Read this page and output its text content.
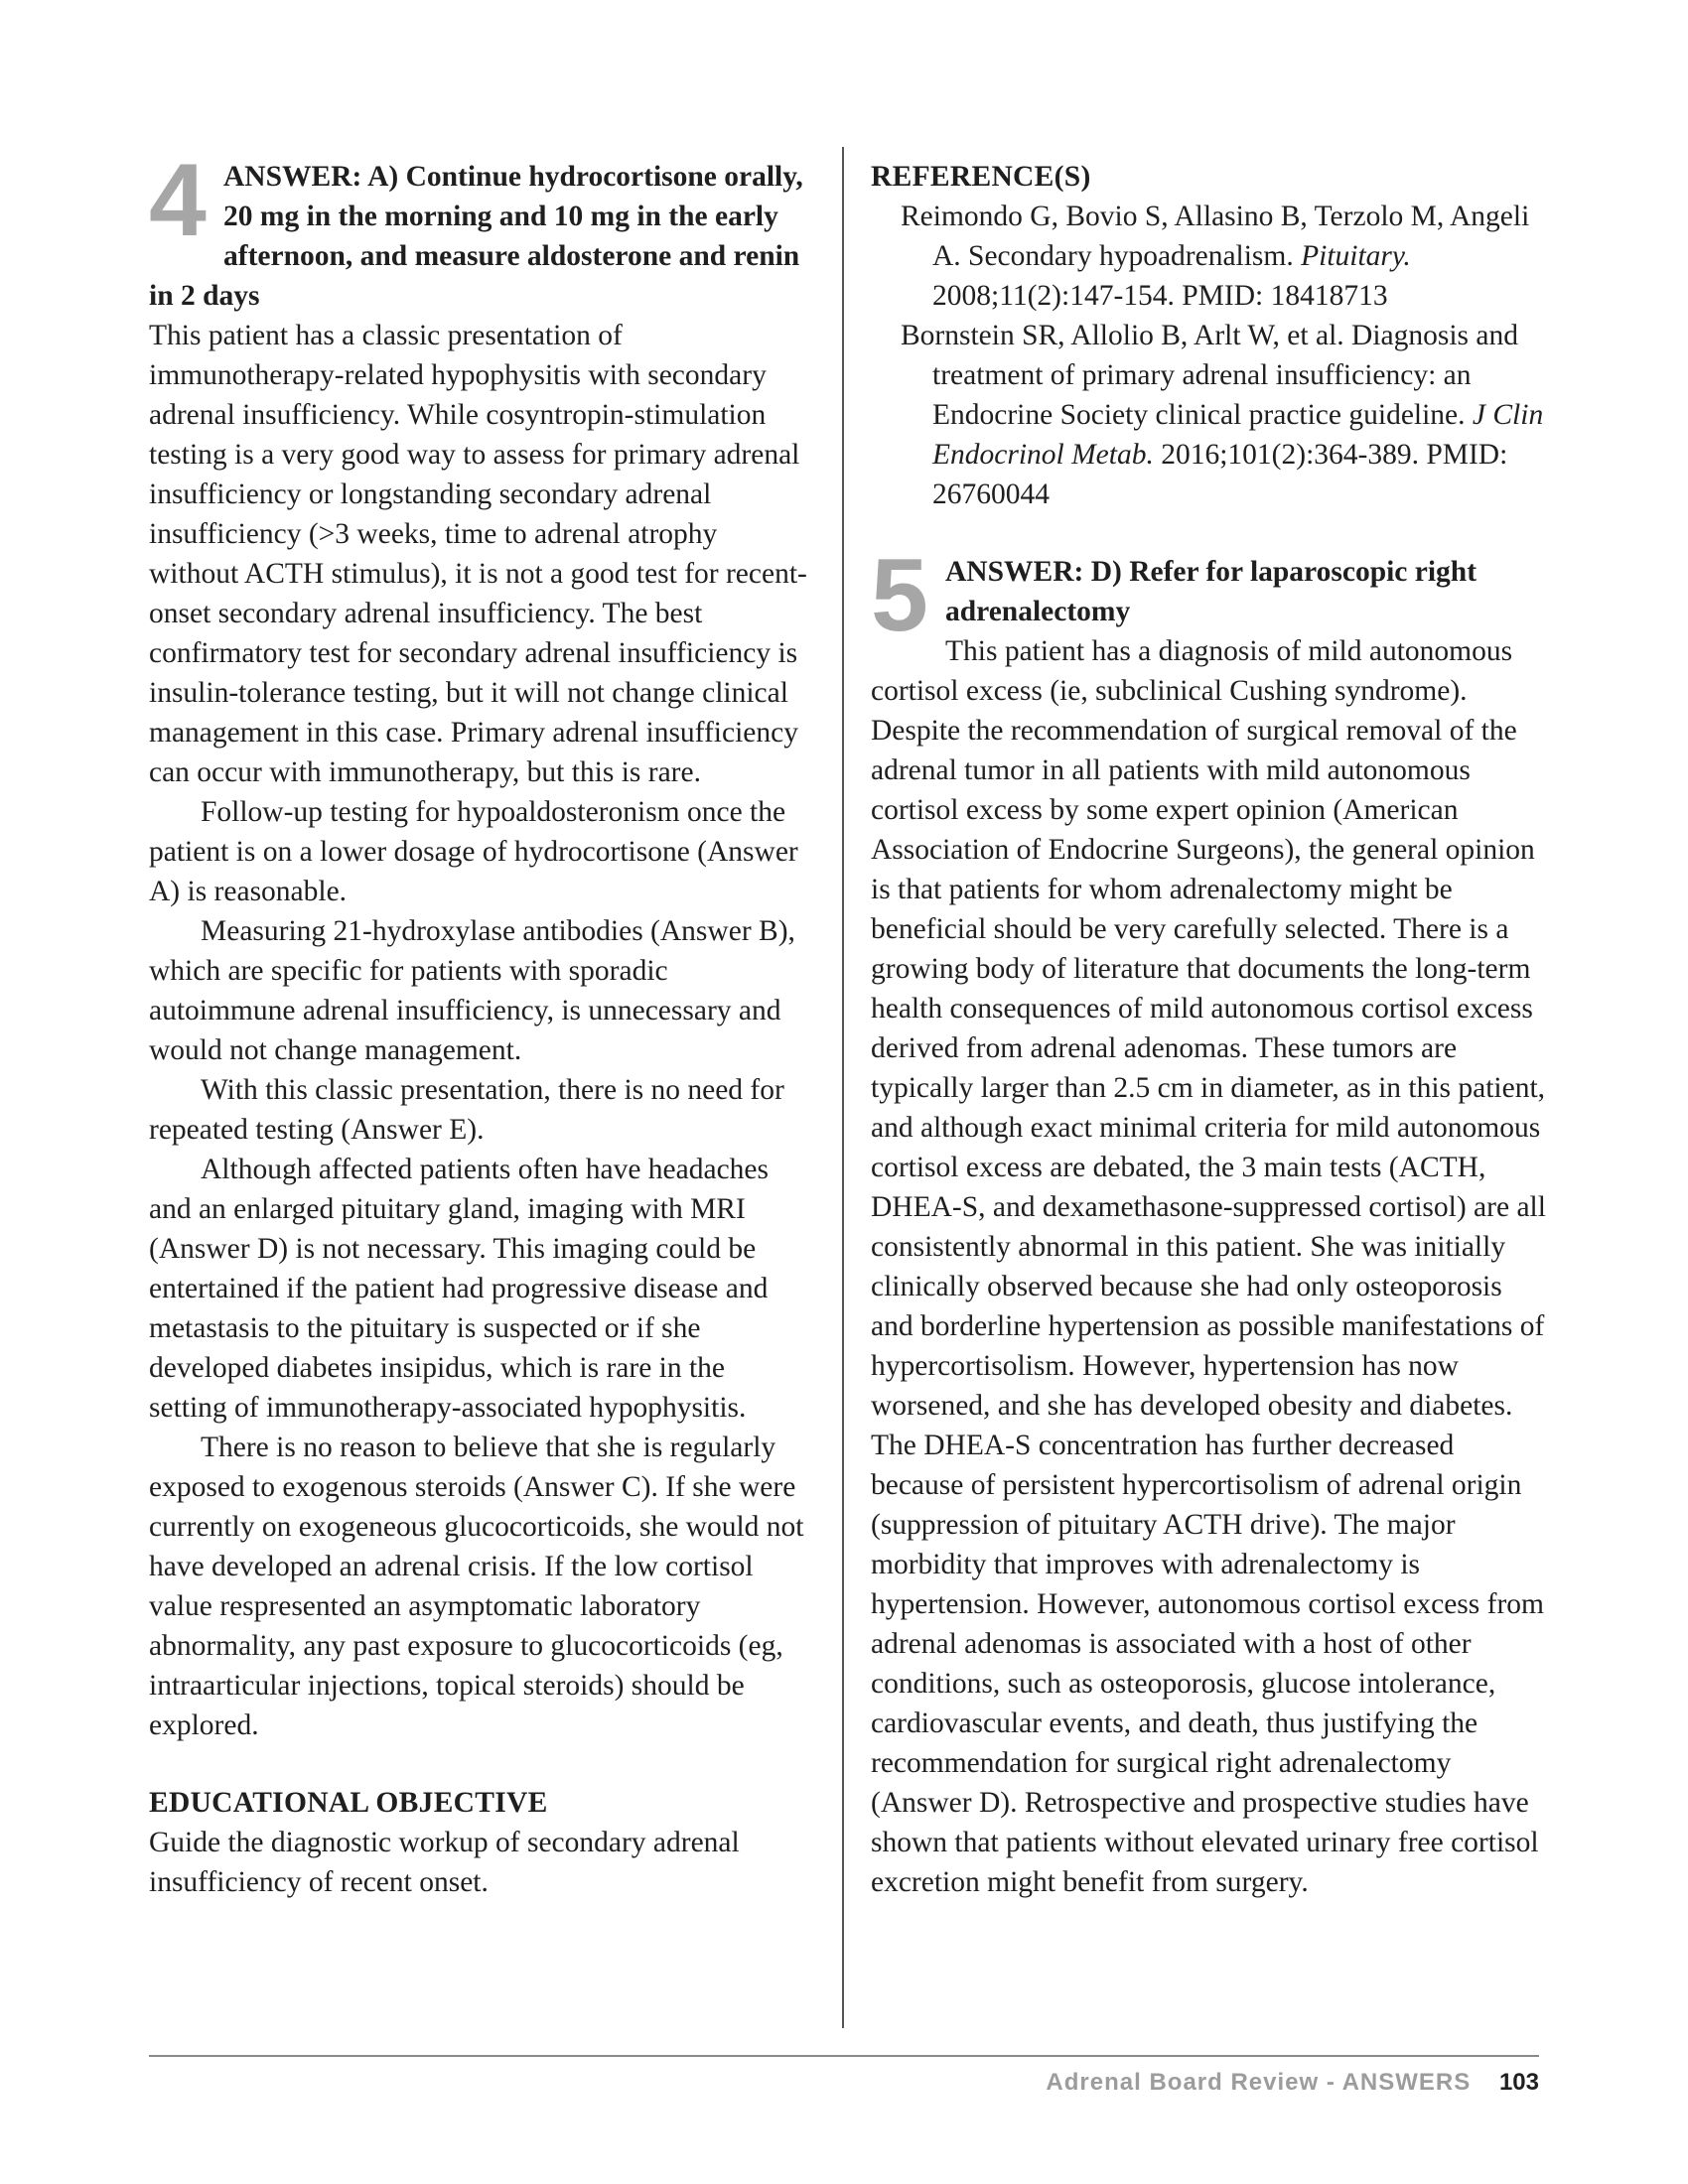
4 ANSWER: A) Continue hydrocortisone orally, 20 mg in the morning and 10 mg in the early afternoon, and measure aldosterone and renin in 2 days

This patient has a classic presentation of immunotherapy-related hypophysitis with secondary adrenal insufficiency. While cosyntropin-stimulation testing is a very good way to assess for primary adrenal insufficiency or longstanding secondary adrenal insufficiency (>3 weeks, time to adrenal atrophy without ACTH stimulus), it is not a good test for recent-onset secondary adrenal insufficiency. The best confirmatory test for secondary adrenal insufficiency is insulin-tolerance testing, but it will not change clinical management in this case. Primary adrenal insufficiency can occur with immunotherapy, but this is rare.

Follow-up testing for hypoaldosteronism once the patient is on a lower dosage of hydrocortisone (Answer A) is reasonable.

Measuring 21-hydroxylase antibodies (Answer B), which are specific for patients with sporadic autoimmune adrenal insufficiency, is unnecessary and would not change management.

With this classic presentation, there is no need for repeated testing (Answer E).

Although affected patients often have headaches and an enlarged pituitary gland, imaging with MRI (Answer D) is not necessary. This imaging could be entertained if the patient had progressive disease and metastasis to the pituitary is suspected or if she developed diabetes insipidus, which is rare in the setting of immunotherapy-associated hypophysitis.

There is no reason to believe that she is regularly exposed to exogenous steroids (Answer C). If she were currently on exogeneous glucocorticoids, she would not have developed an adrenal crisis. If the low cortisol value respresented an asymptomatic laboratory abnormality, any past exposure to glucocorticoids (eg, intraarticular injections, topical steroids) should be explored.

EDUCATIONAL OBJECTIVE

Guide the diagnostic workup of secondary adrenal insufficiency of recent onset.

REFERENCE(S)

Reimondo G, Bovio S, Allasino B, Terzolo M, Angeli A. Secondary hypoadrenalism. Pituitary. 2008;11(2):147-154. PMID: 18418713

Bornstein SR, Allolio B, Arlt W, et al. Diagnosis and treatment of primary adrenal insufficiency: an Endocrine Society clinical practice guideline. J Clin Endocrinol Metab. 2016;101(2):364-389. PMID: 26760044

5 ANSWER: D) Refer for laparoscopic right adrenalectomy

This patient has a diagnosis of mild autonomous cortisol excess (ie, subclinical Cushing syndrome). Despite the recommendation of surgical removal of the adrenal tumor in all patients with mild autonomous cortisol excess by some expert opinion (American Association of Endocrine Surgeons), the general opinion is that patients for whom adrenalectomy might be beneficial should be very carefully selected. There is a growing body of literature that documents the long-term health consequences of mild autonomous cortisol excess derived from adrenal adenomas. These tumors are typically larger than 2.5 cm in diameter, as in this patient, and although exact minimal criteria for mild autonomous cortisol excess are debated, the 3 main tests (ACTH, DHEA-S, and dexamethasone-suppressed cortisol) are all consistently abnormal in this patient. She was initially clinically observed because she had only osteoporosis and borderline hypertension as possible manifestations of hypercortisolism. However, hypertension has now worsened, and she has developed obesity and diabetes. The DHEA-S concentration has further decreased because of persistent hypercortisolism of adrenal origin (suppression of pituitary ACTH drive). The major morbidity that improves with adrenalectomy is hypertension. However, autonomous cortisol excess from adrenal adenomas is associated with a host of other conditions, such as osteoporosis, glucose intolerance, cardiovascular events, and death, thus justifying the recommendation for surgical right adrenalectomy (Answer D). Retrospective and prospective studies have shown that patients without elevated urinary free cortisol excretion might benefit from surgery.

Adrenal Board Review - ANSWERS 103
